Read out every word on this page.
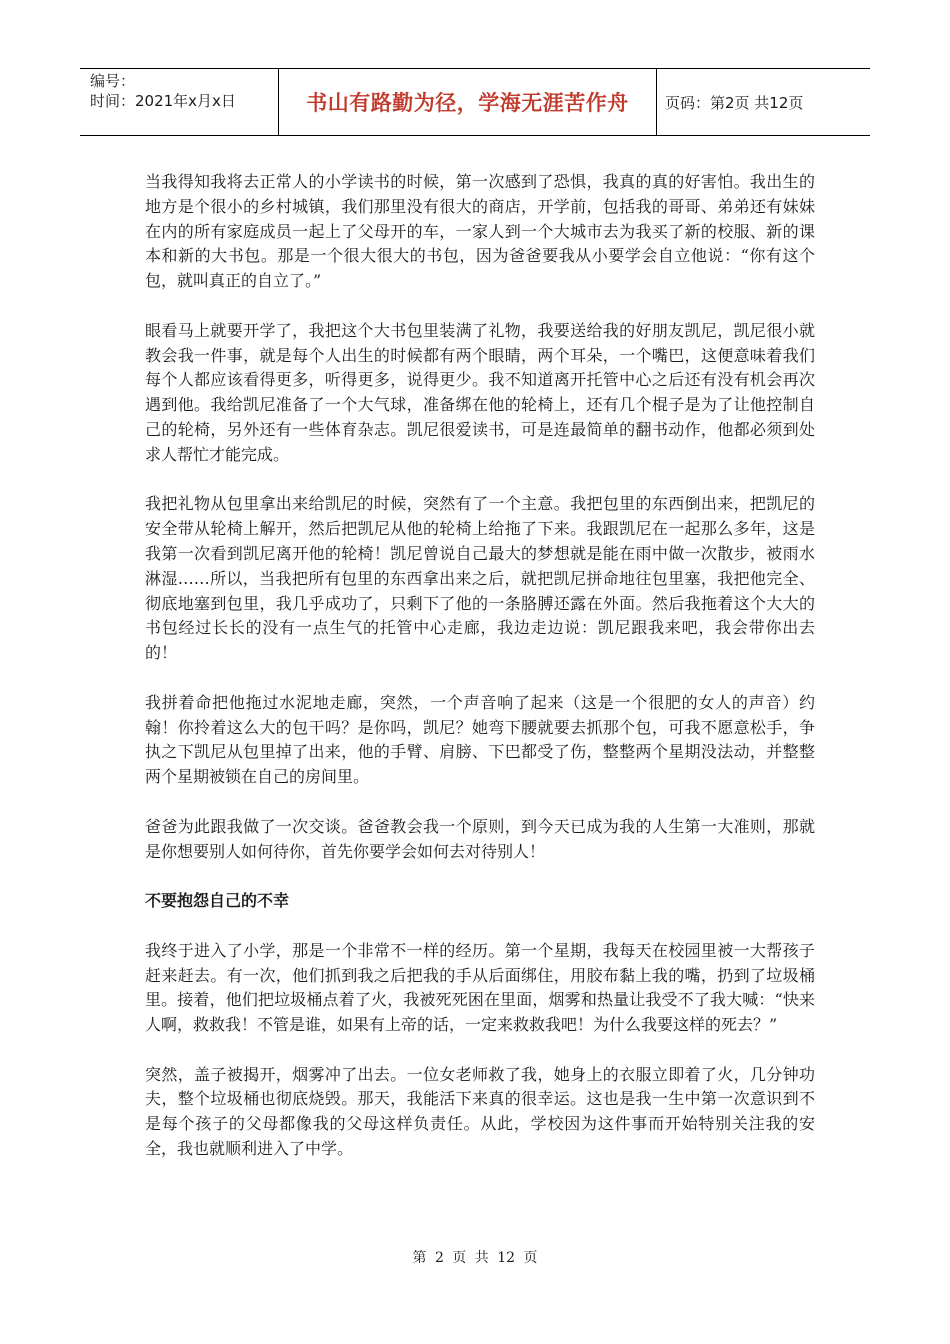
编号：
时间：2021年x月x日	书山有路勤为径，学海无涯苦作舟 页码：第2页 共12页

当我得知我将去正常人的小学读书的时候，第一次感到了恐惧，我真的真的好害怕。我出生的地方是个很小的乡村城镇，我们那里没有很大的商店，开学前，包括我的哥哥、弟弟还有妹妹在内的所有家庭成员一起上了父母开的车，一家人到一个大城市去为我买了新的校服、新的课本和新的大书包。那是一个很大很大的书包，因为爸爸要我从小要学会自立他说：“你有这个包，就叫真正的自立了。”

眼看马上就要开学了，我把这个大书包里装满了礼物，我要送给我的好朋友凯尼，凯尼很小就教会我一件事，就是每个人出生的时候都有两个眼睛，两个耳朵，一个嘴巴，这便意味着我们每个人都应该看得更多，听得更多，说得更少。我不知道离开托管中心之后还有没有机会再次遇到他。我给凯尼准备了一个大气球，准备绑在他的轮椅上，还有几个棍子是为了让他控制自己的轮椅，另外还有一些体育杂志。凯尼很爱读书，可是连最简单的翻书动作，他都必须到处求人帮忙才能完成。

我把礼物从包里拿出来给凯尼的时候，突然有了一个主意。我把包里的东西倒出来，把凯尼的安全带从轮椅上解开，然后把凯尼从他的轮椅上给拖了下来。我跟凯尼在一起那么多年，这是我第一次看到凯尼离开他的轮椅！凯尼曾说自己最大的梦想就是能在雨中做一次散步，被雨水淋湿……所以，当我把所有包里的东西拿出来之后，就把凯尼拼命地往包里塞，我把他完全、彻底地塞到包里，我几乎成功了，只剩下了他的一条胳膊还露在外面。然后我拖着这个大大的书包经过长长的没有一点生气的托管中心走廊，我边走边说：凯尼跟我来吧，我会带你出去的！

我拼着命把他拖过水泥地走廊，突然，一个声音响了起来（这是一个很肥的女人的声音）约翰！你拎着这么大的包干吗？是你吗，凯尼？她弯下腰就要去抓那个包，可我不愿意松手，争执之下凯尼从包里掉了出来，他的手臂、肩膀、下巴都受了伤，整整两个星期没法动，并整整两个星期被锁在自己的房间里。

爸爸为此跟我做了一次交谈。爸爸教会我一个原则，到今天已成为我的人生第一大准则，那就是你想要别人如何待你，首先你要学会如何去对待别人！

不要抱怨自己的不幸

我终于进入了小学，那是一个非常不一样的经历。第一个星期，我每天在校园里被一大帮孩子赶来赶去。有一次，他们抓到我之后把我的手从后面绑住，用胶布黏上我的嘴，扔到了垃圾桶里。接着，他们把垃圾桶点着了火，我被死死困在里面，烟雾和热量让我受不了我大喊：“快来人啊，救救我！不管是谁，如果有上帝的话，一定来救救我吧！为什么我要这样的死去？”

突然，盖子被揭开，烟雾冲了出去。一位女老师救了我，她身上的衣服立即着了火，几分钟功夫，整个垃圾桶也彻底烧毁。那天，我能活下来真的很幸运。这也是我一生中第一次意识到不是每个孩子的父母都像我的父母这样负责任。从此，学校因为这件事而开始特别关注我的安全，我也就顺利进入了中学。

第 2 页 共 12 页
